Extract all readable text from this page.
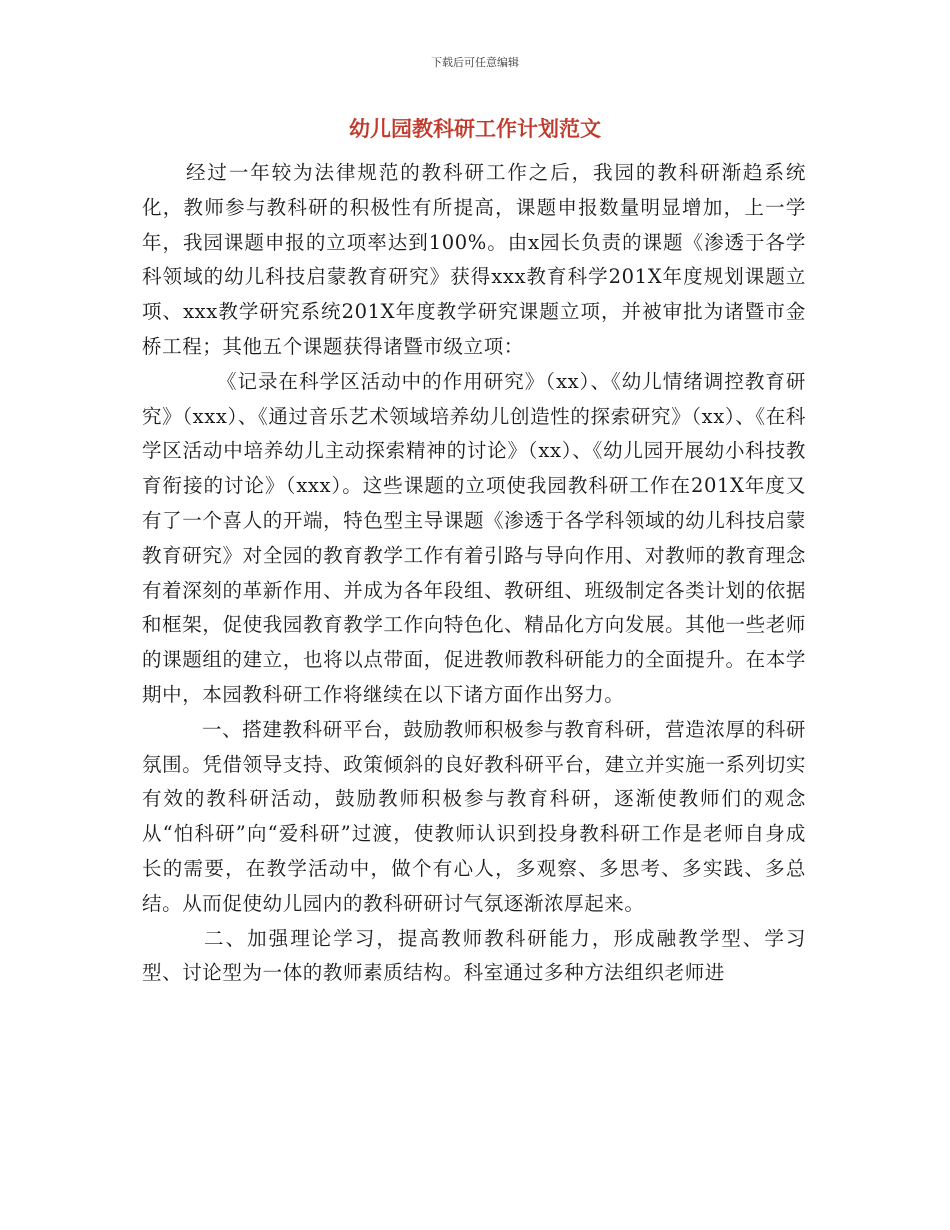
下载后可任意编辑
幼儿园教科研工作计划范文

经过一年较为法律规范的教科研工作之后，我园的教科研渐趋系统化，教师参与教科研的积极性有所提高，课题申报数量明显增加，上一学年，我园课题申报的立项率达到100%。由x园长负责的课题《渗透于各学科领域的幼儿科技启蒙教育研究》获得xxx教育科学201X年度规划课题立项、xxx教学研究系统201X年度教学研究课题立项，并被审批为诸暨市金桥工程；其他五个课题获得诸暨市级立项：

《记录在科学区活动中的作用研究》（xx）、《幼儿情绪调控教育研究》（xxx）、《通过音乐艺术领域培养幼儿创造性的探索研究》（xx）、《在科学区活动中培养幼儿主动探索精神的讨论》（xx）、《幼儿园开展幼小科技教育衔接的讨论》（xxx）。这些课题的立项使我园教科研工作在201X年度又有了一个喜人的开端，特色型主导课题《渗透于各学科领域的幼儿科技启蒙教育研究》对全园的教育教学工作有着引路与导向作用、对教师的教育理念有着深刻的革新作用、并成为各年段组、教研组、班级制定各类计划的依据和框架，促使我园教育教学工作向特色化、精品化方向发展。其他一些老师的课题组的建立，也将以点带面，促进教师教科研能力的全面提升。在本学期中，本园教科研工作将继续在以下诸方面作出努力。

一、搭建教科研平台，鼓励教师积极参与教育科研，营造浓厚的科研氛围。凭借领导支持、政策倾斜的良好教科研平台，建立并实施一系列切实有效的教科研活动，鼓励教师积极参与教育科研，逐渐使教师们的观念从“怕科研”向“爱科研”过渡，使教师认识到投身教科研工作是老师自身成长的需要，在教学活动中，做个有心人，多观察、多思考、多实践、多总结。从而促使幼儿园内的教科研研讨气氛逐渐浓厚起来。

二、加强理论学习，提高教师教科研能力，形成融教学型、学习型、讨论型为一体的教师素质结构。科室通过多种方法组织老师进
